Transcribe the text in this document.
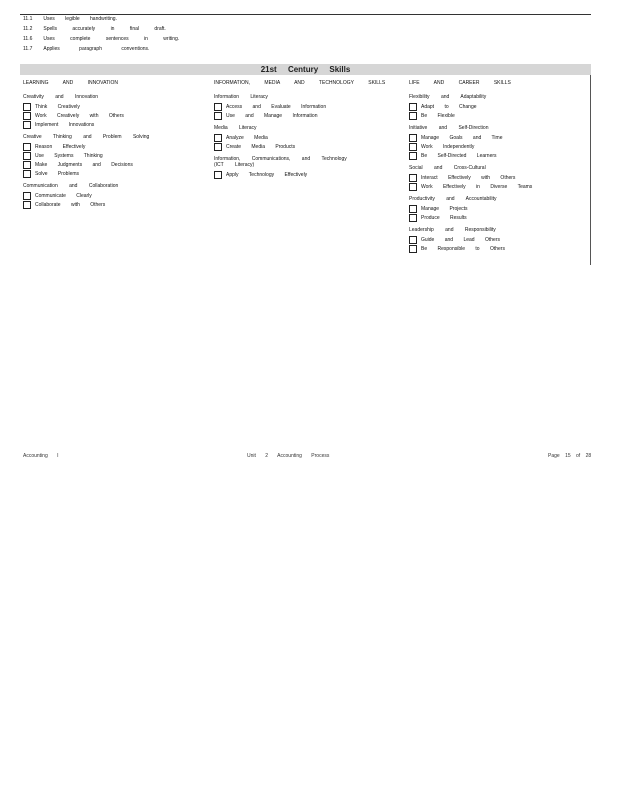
11.1 Uses legible handwriting.
11.2 Spells accurately in final draft.
11.6 Uses complete sentences in writing.
11.7 Applies paragraph conventions.
21st Century Skills
LEARNING AND INNOVATION
Creativity and Innovation
Think Creatively
Work Creatively with Others
Implement Innovations
Creative Thinking and Problem Solving
Reason Effectively
Use Systems Thinking
Make Judgments and Decisions
Solve Problems
Communication and Collaboration
Communicate Clearly
Collaborate with Others
INFORMATION, MEDIA AND TECHNOLOGY SKILLS
Information Literacy
Access and Evaluate Information
Use and Manage Information
Media Literacy
Analyze Media
Create Media Products
Information, Communications, and Technology (ICT Literacy)
Apply Technology Effectively
LIFE AND CAREER SKILLS
Flexibility and Adaptability
Adapt to Change
Be Flexible
Initiative and Self-Direction
Manage Goals and Time
Work Independently
Be Self-Directed Learners
Social and Cross-Cultural
Interact Effectively with Others
Work Effectively in Diverse Teams
Productivity and Accountability
Manage Projects
Produce Results
Leadership and Responsibility
Guide and Lead Others
Be Responsible to Others
Accounting I	Unit 2 Accounting Process	Page 15 of 28
